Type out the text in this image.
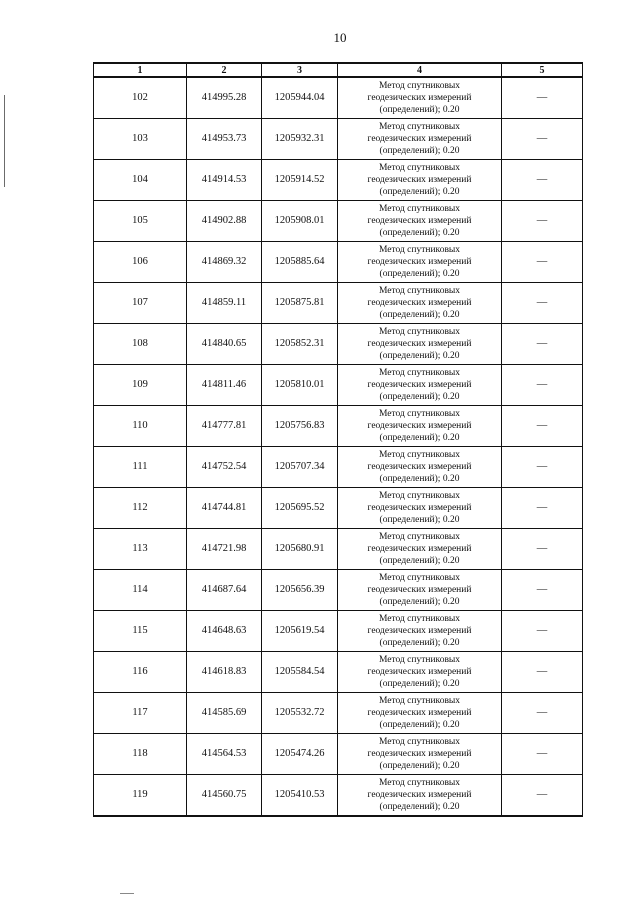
10
1	2	3	4	5
102	414995.28	1205944.04	Метод спутниковых
геодезических измерений
(определений); 0.20	—
103	414953.73	1205932.31	Метод спутниковых
геодезических измерений
(определений); 0.20	—
104	414914.53	1205914.52	Метод спутниковых
геодезических измерений
(определений); 0.20	—
105	414902.88	1205908.01	Метод спутниковых
геодезических измерений
(определений); 0.20	—
106	414869.32	1205885.64	Метод спутниковых
геодезических измерений
(определений); 0.20	—
107	414859.11	1205875.81	Метод спутниковых
геодезических измерений
(определений); 0.20	—
108	414840.65	1205852.31	Метод спутниковых
геодезических измерений
(определений); 0.20	—
109	414811.46	1205810.01	Метод спутниковых
геодезических измерений
(определений); 0.20	—
110	414777.81	1205756.83	Метод спутниковых
геодезических измерений
(определений); 0.20	—
111	414752.54	1205707.34	Метод спутниковых
геодезических измерений
(определений); 0.20	—
112	414744.81	1205695.52	Метод спутниковых
геодезических измерений
(определений); 0.20	—
113	414721.98	1205680.91	Метод спутниковых
геодезических измерений
(определений); 0.20	—
114	414687.64	1205656.39	Метод спутниковых
геодезических измерений
(определений); 0.20	—
115	414648.63	1205619.54	Метод спутниковых
геодезических измерений
(определений); 0.20	—
116	414618.83	1205584.54	Метод спутниковых
геодезических измерений
(определений); 0.20	—
117	414585.69	1205532.72	Метод спутниковых
геодезических измерений
(определений); 0.20	—
118	414564.53	1205474.26	Метод спутниковых
геодезических измерений
(определений); 0.20	—
119	414560.75	1205410.53	Метод спутниковых
геодезических измерений
(определений); 0.20	—
